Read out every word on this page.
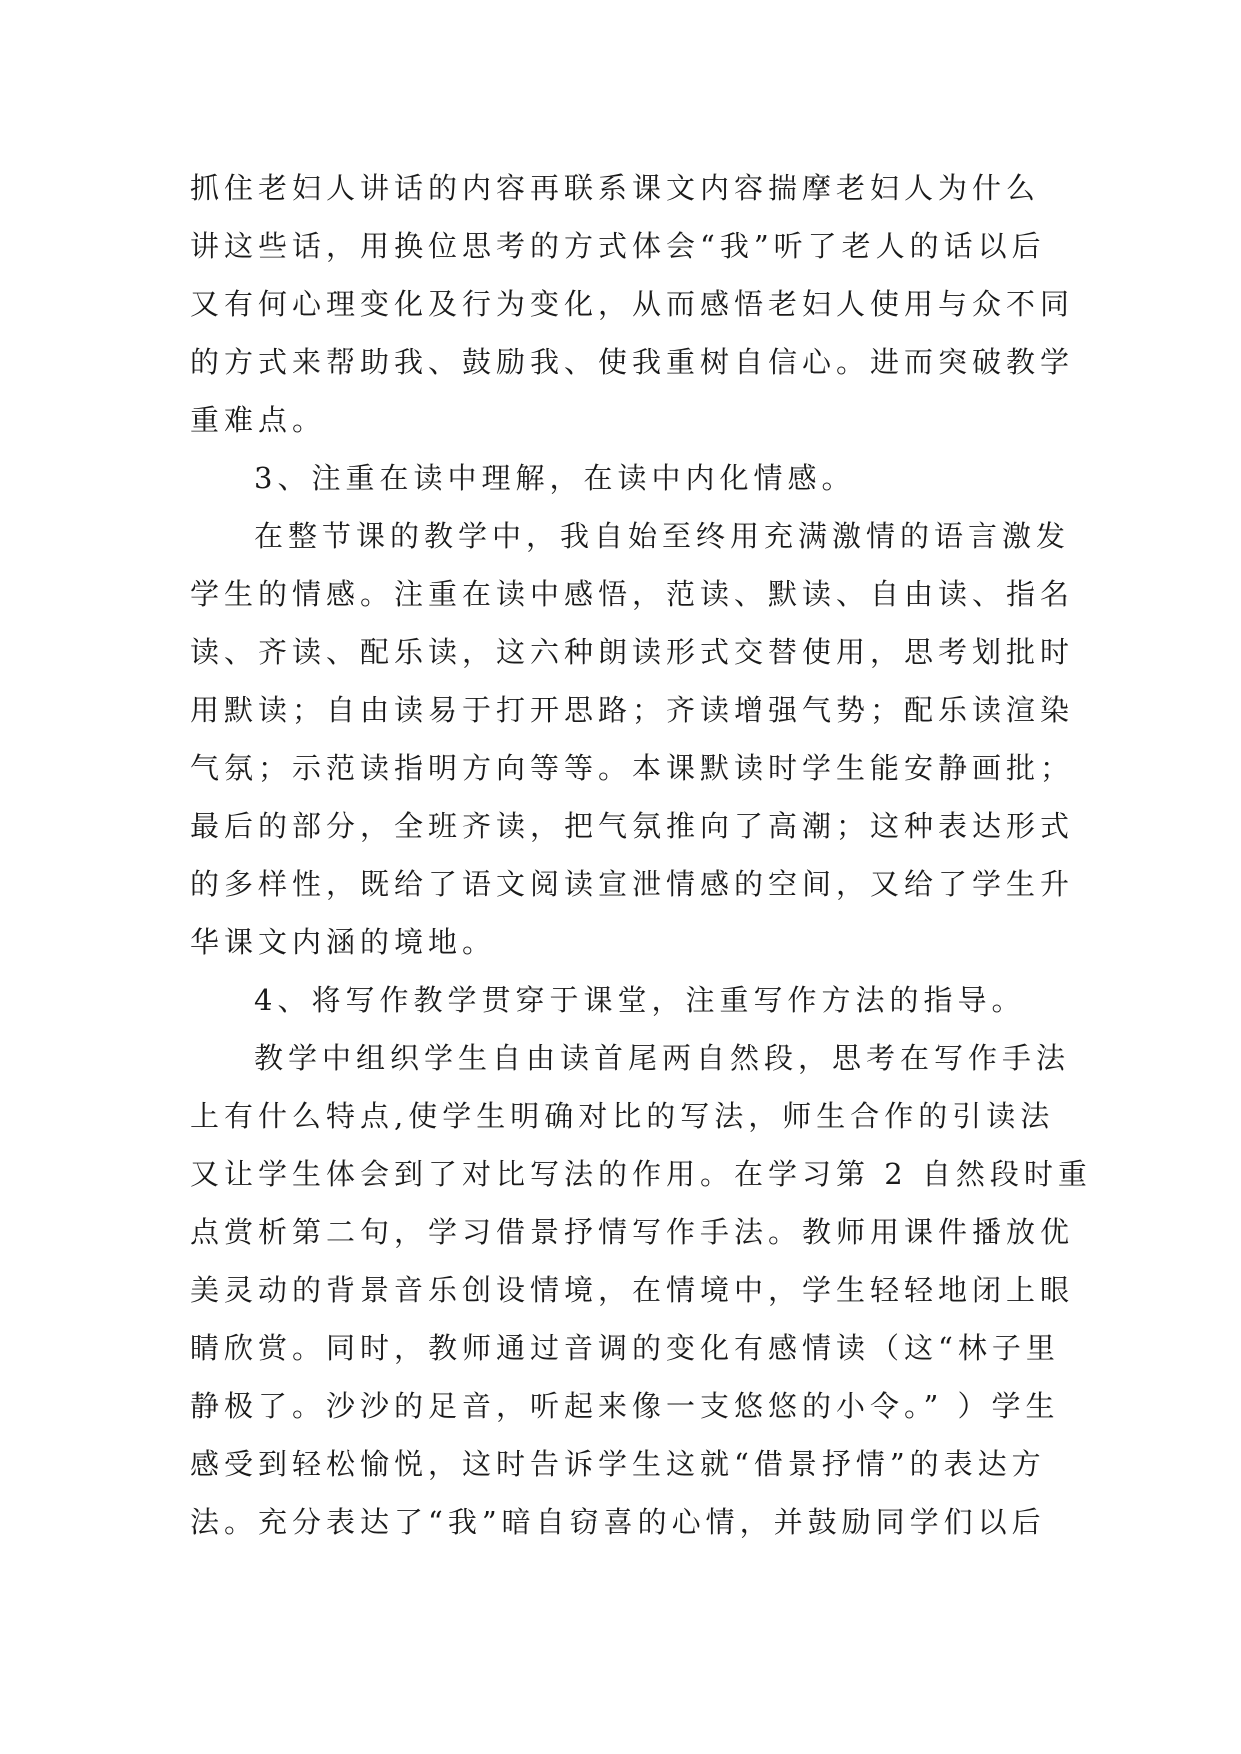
抓住老妇人讲话的内容再联系课文内容揣摩老妇人为什么
讲这些话，用换位思考的方式体会“我”听了老人的话以后
又有何心理变化及行为变化，从而感悟老妇人使用与众不同
的方式来帮助我、鼓励我、使我重树自信心。进而突破教学
重难点。
3、注重在读中理解，在读中内化情感。
在整节课的教学中，我自始至终用充满激情的语言激发
学生的情感。注重在读中感悟，范读、默读、自由读、指名
读、齐读、配乐读，这六种朗读形式交替使用，思考划批时
用默读；自由读易于打开思路；齐读增强气势；配乐读渲染
气氛；示范读指明方向等等。本课默读时学生能安静画批；
最后的部分，全班齐读，把气氛推向了高潮；这种表达形式
的多样性，既给了语文阅读宣泄情感的空间，又给了学生升
华课文内涵的境地。
4、将写作教学贯穿于课堂，注重写作方法的指导。
教学中组织学生自由读首尾两自然段，思考在写作手法
上有什么特点,使学生明确对比的写法，师生合作的引读法
又让学生体会到了对比写法的作用。在学习第 2 自然段时重
点赏析第二句，学习借景抒情写作手法。教师用课件播放优
美灵动的背景音乐创设情境，在情境中，学生轻轻地闭上眼
睛欣赏。同时，教师通过音调的变化有感情读（这“林子里
静极了。沙沙的足音，听起来像一支悠悠的小令。” ）学生
感受到轻松愉悦，这时告诉学生这就“借景抒情”的表达方
法。充分表达了“我”暗自窃喜的心情，并鼓励同学们以后
